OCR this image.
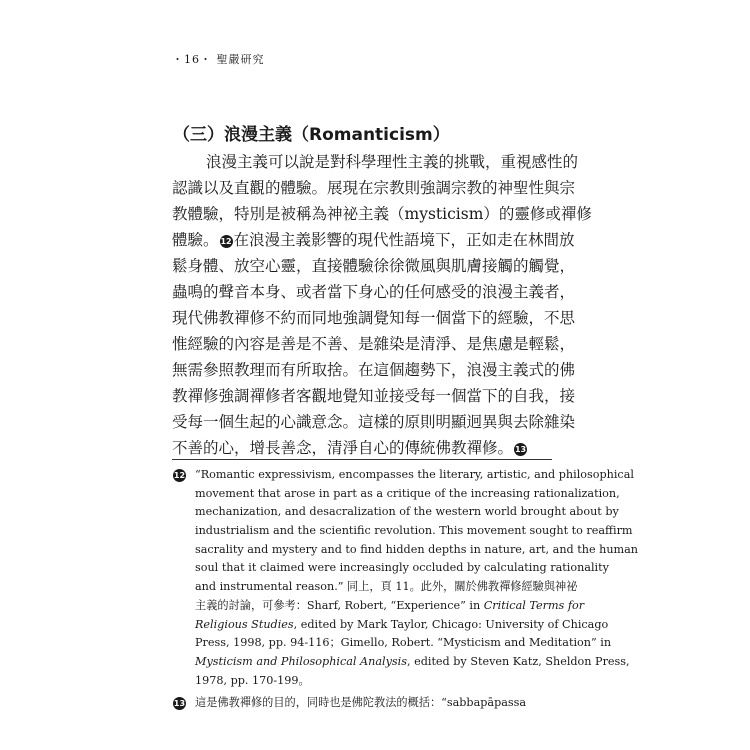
・16・ 聖嚴研究
（三）浪漫主義（Romanticism）
浪漫主義可以說是對科學理性主義的挑戰，重視感性的
認識以及直觀的體驗。展現在宗教則強調宗教的神聖性與宗
教體驗，特別是被稱為神祕主義（mysticism）的靈修或禪修
體驗。 12 在浪漫主義影響的現代性語境下，正如走在林間放
鬆身體、放空心靈，直接體驗徐徐微風與肌膚接觸的觸覺，
蟲鳴的聲音本身、或者當下身心的任何感受的浪漫主義者，
現代佛教禪修不約而同地強調覺知每一個當下的經驗，不思
惟經驗的內容是善是不善、是雜染是清淨、是焦慮是輕鬆，
無需參照教理而有所取捨。在這個趨勢下，浪漫主義式的佛
教禪修強調禪修者客觀地覺知並接受每一個當下的自我，接
受每一個生起的心識意念。這樣的原則明顯迥異與去除雜染
不善的心，增長善念，清淨自心的傳統佛教禪修。 13
12 “Romantic expressivism, encompasses the literary, artistic, and philosophical
movement that arose in part as a critique of the increasing rationalization,
mechanization, and desacralization of the western world brought about by
industrialism and the scientific revolution. This movement sought to reaffirm
sacrality and mystery and to find hidden depths in nature, art, and the human
soul that it claimed were increasingly occluded by calculating rationality
and instrumental reason.” 同上，頁 11。此外，關於佛教禪修經驗與神祕
主義的討論，可參考：Sharf, Robert, “Experience” in Critical Terms for
Religious Studies, edited by Mark Taylor, Chicago: University of Chicago
Press, 1998, pp. 94-116；Gimello, Robert. “Mysticism and Meditation” in
Mysticism and Philosophical Analysis, edited by Steven Katz, Sheldon Press,
1978, pp. 170-199。
13 這是佛教禪修的目的，同時也是佛陀教法的概括：“sabbapāpassa
